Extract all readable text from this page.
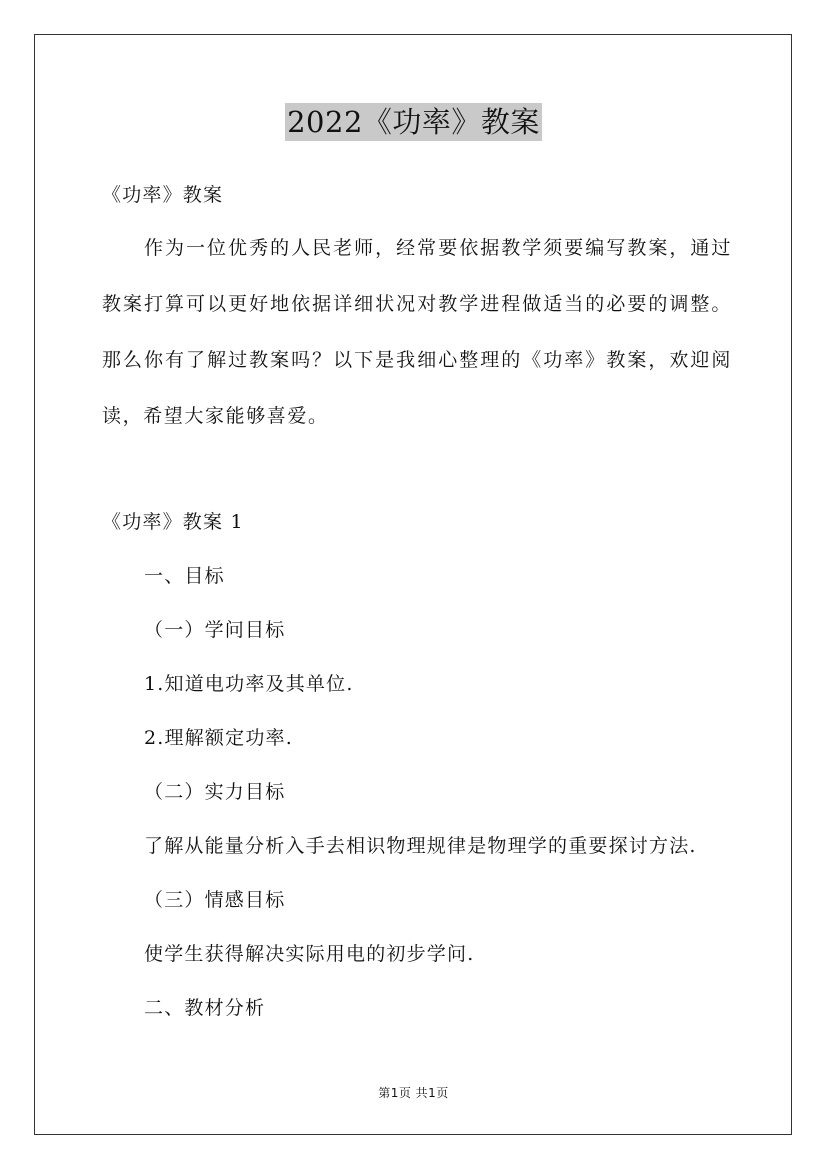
2022《功率》教案
《功率》教案
作为一位优秀的人民老师，经常要依据教学须要编写教案，通过教案打算可以更好地依据详细状况对教学进程做适当的必要的调整。那么你有了解过教案吗？以下是我细心整理的《功率》教案，欢迎阅读，希望大家能够喜爱。
《功率》教案 1
一、目标
（一）学问目标
1.知道电功率及其单位.
2.理解额定功率.
（二）实力目标
了解从能量分析入手去相识物理规律是物理学的重要探讨方法.
（三）情感目标
使学生获得解决实际用电的初步学问.
二、教材分析
第1页 共1页
